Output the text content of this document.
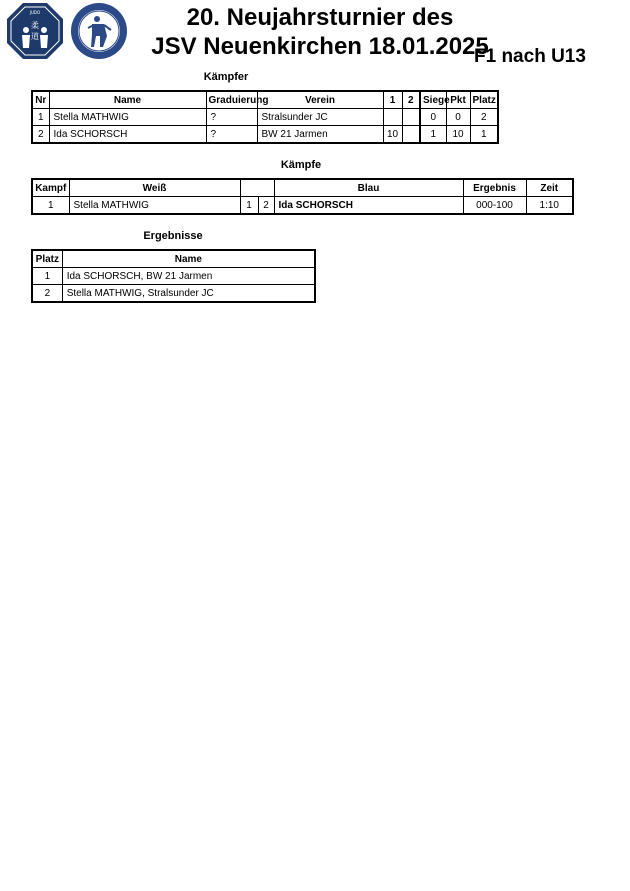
柔
道
JUDO	20. Neujahrsturnier des
JSV Neuenkirchen 18.01.2025
F1 nach U13
Kämpfer
Nr	Name	Graduierung	Verein	1	2	Siege	Pkt	Platz
1	Stella MATHWIG	?	Stralsunder JC			0	0	2
2	Ida SCHORSCH	?	BW 21 Jarmen	10		1	10	1
Kämpfe
Kampf	Weiß			Blau	Ergebnis	Zeit
1	Stella MATHWIG	1	2	Ida SCHORSCH	000-100	1:10
Ergebnisse
Platz	Name
1	Ida SCHORSCH, BW 21 Jarmen
2	Stella MATHWIG, Stralsunder JC
